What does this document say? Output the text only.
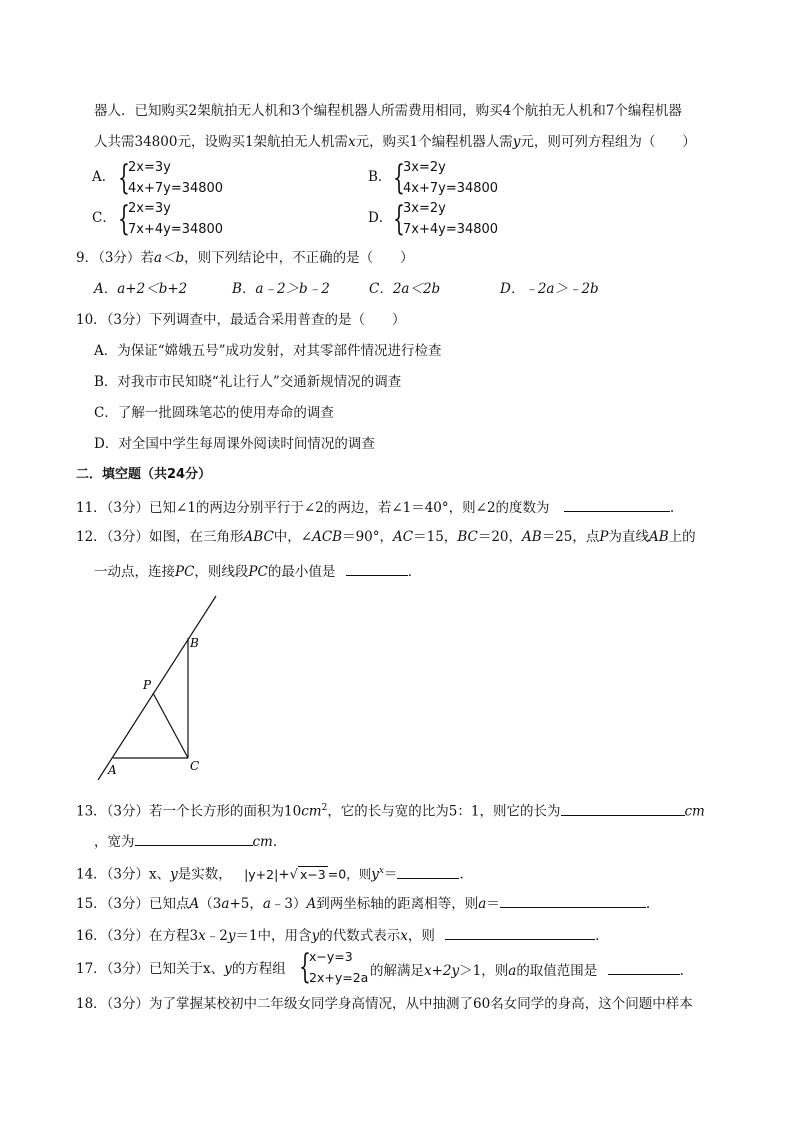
器人．已知购买2架航拍无人机和3个编程机器人所需费用相同，购买4个航拍无人机和7个编程机器
人共需34800元，设购买1架航拍无人机需x元，购买1个编程机器人需y元，则可列方程组为（　　）
A． {
2x=3y
4x+7y=34800
B． {
3x=2y
4x+7y=34800
C． {
2x=3y
7x+4y=34800
D． {
3x=2y
7x+4y=34800
9．（3分）若a＜b，则下列结论中，不正确的是（　　）
A．a+2＜b+2	B．a﹣2＞b﹣2	C．2a＜2b	D．﹣2a＞﹣2b
10．（3分）下列调查中，最适合采用普查的是（　　）
A．为保证“嫦娥五号”成功发射，对其零部件情况进行检查
B．对我市市民知晓“礼让行人”交通新规情况的调查
C．了解一批圆珠笔芯的使用寿命的调查
D．对全国中学生每周课外阅读时间情况的调查
二．填空题（共24分）
11．（3分）已知∠1的两边分别平行于∠2的两边，若∠1＝40°，则∠2的度数为	.
12．（3分）如图，在三角形ABC中，∠ACB＝90°，AC＝15，BC＝20，AB＝25，点P为直线AB上的
一动点，连接PC，则线段PC的最小值是	.
B
P
A	C
13．（3分）若一个长方形的面积为$10cm^2$，它的长与宽的比为5：1，则它的长为	cm
，宽为	cm.
14．（3分）x、y是实数， |y+2|+√ x−3 =0，则$y^x=$	.
15．（3分）已知点A（3a+5，a﹣3）A到两坐标轴的距离相等，则a＝	.
16．（3分）在方程3x﹣2y＝1中，用含y的代数式表示x，则	.
17．（3分）已知关于x、y的方程组 {
x−y=3
2x+y=2a 的解满足x+2y＞1，则a的取值范围是	.
18．（3分）为了掌握某校初中二年级女同学身高情况，从中抽测了60名女同学的身高，这个问题中样本
